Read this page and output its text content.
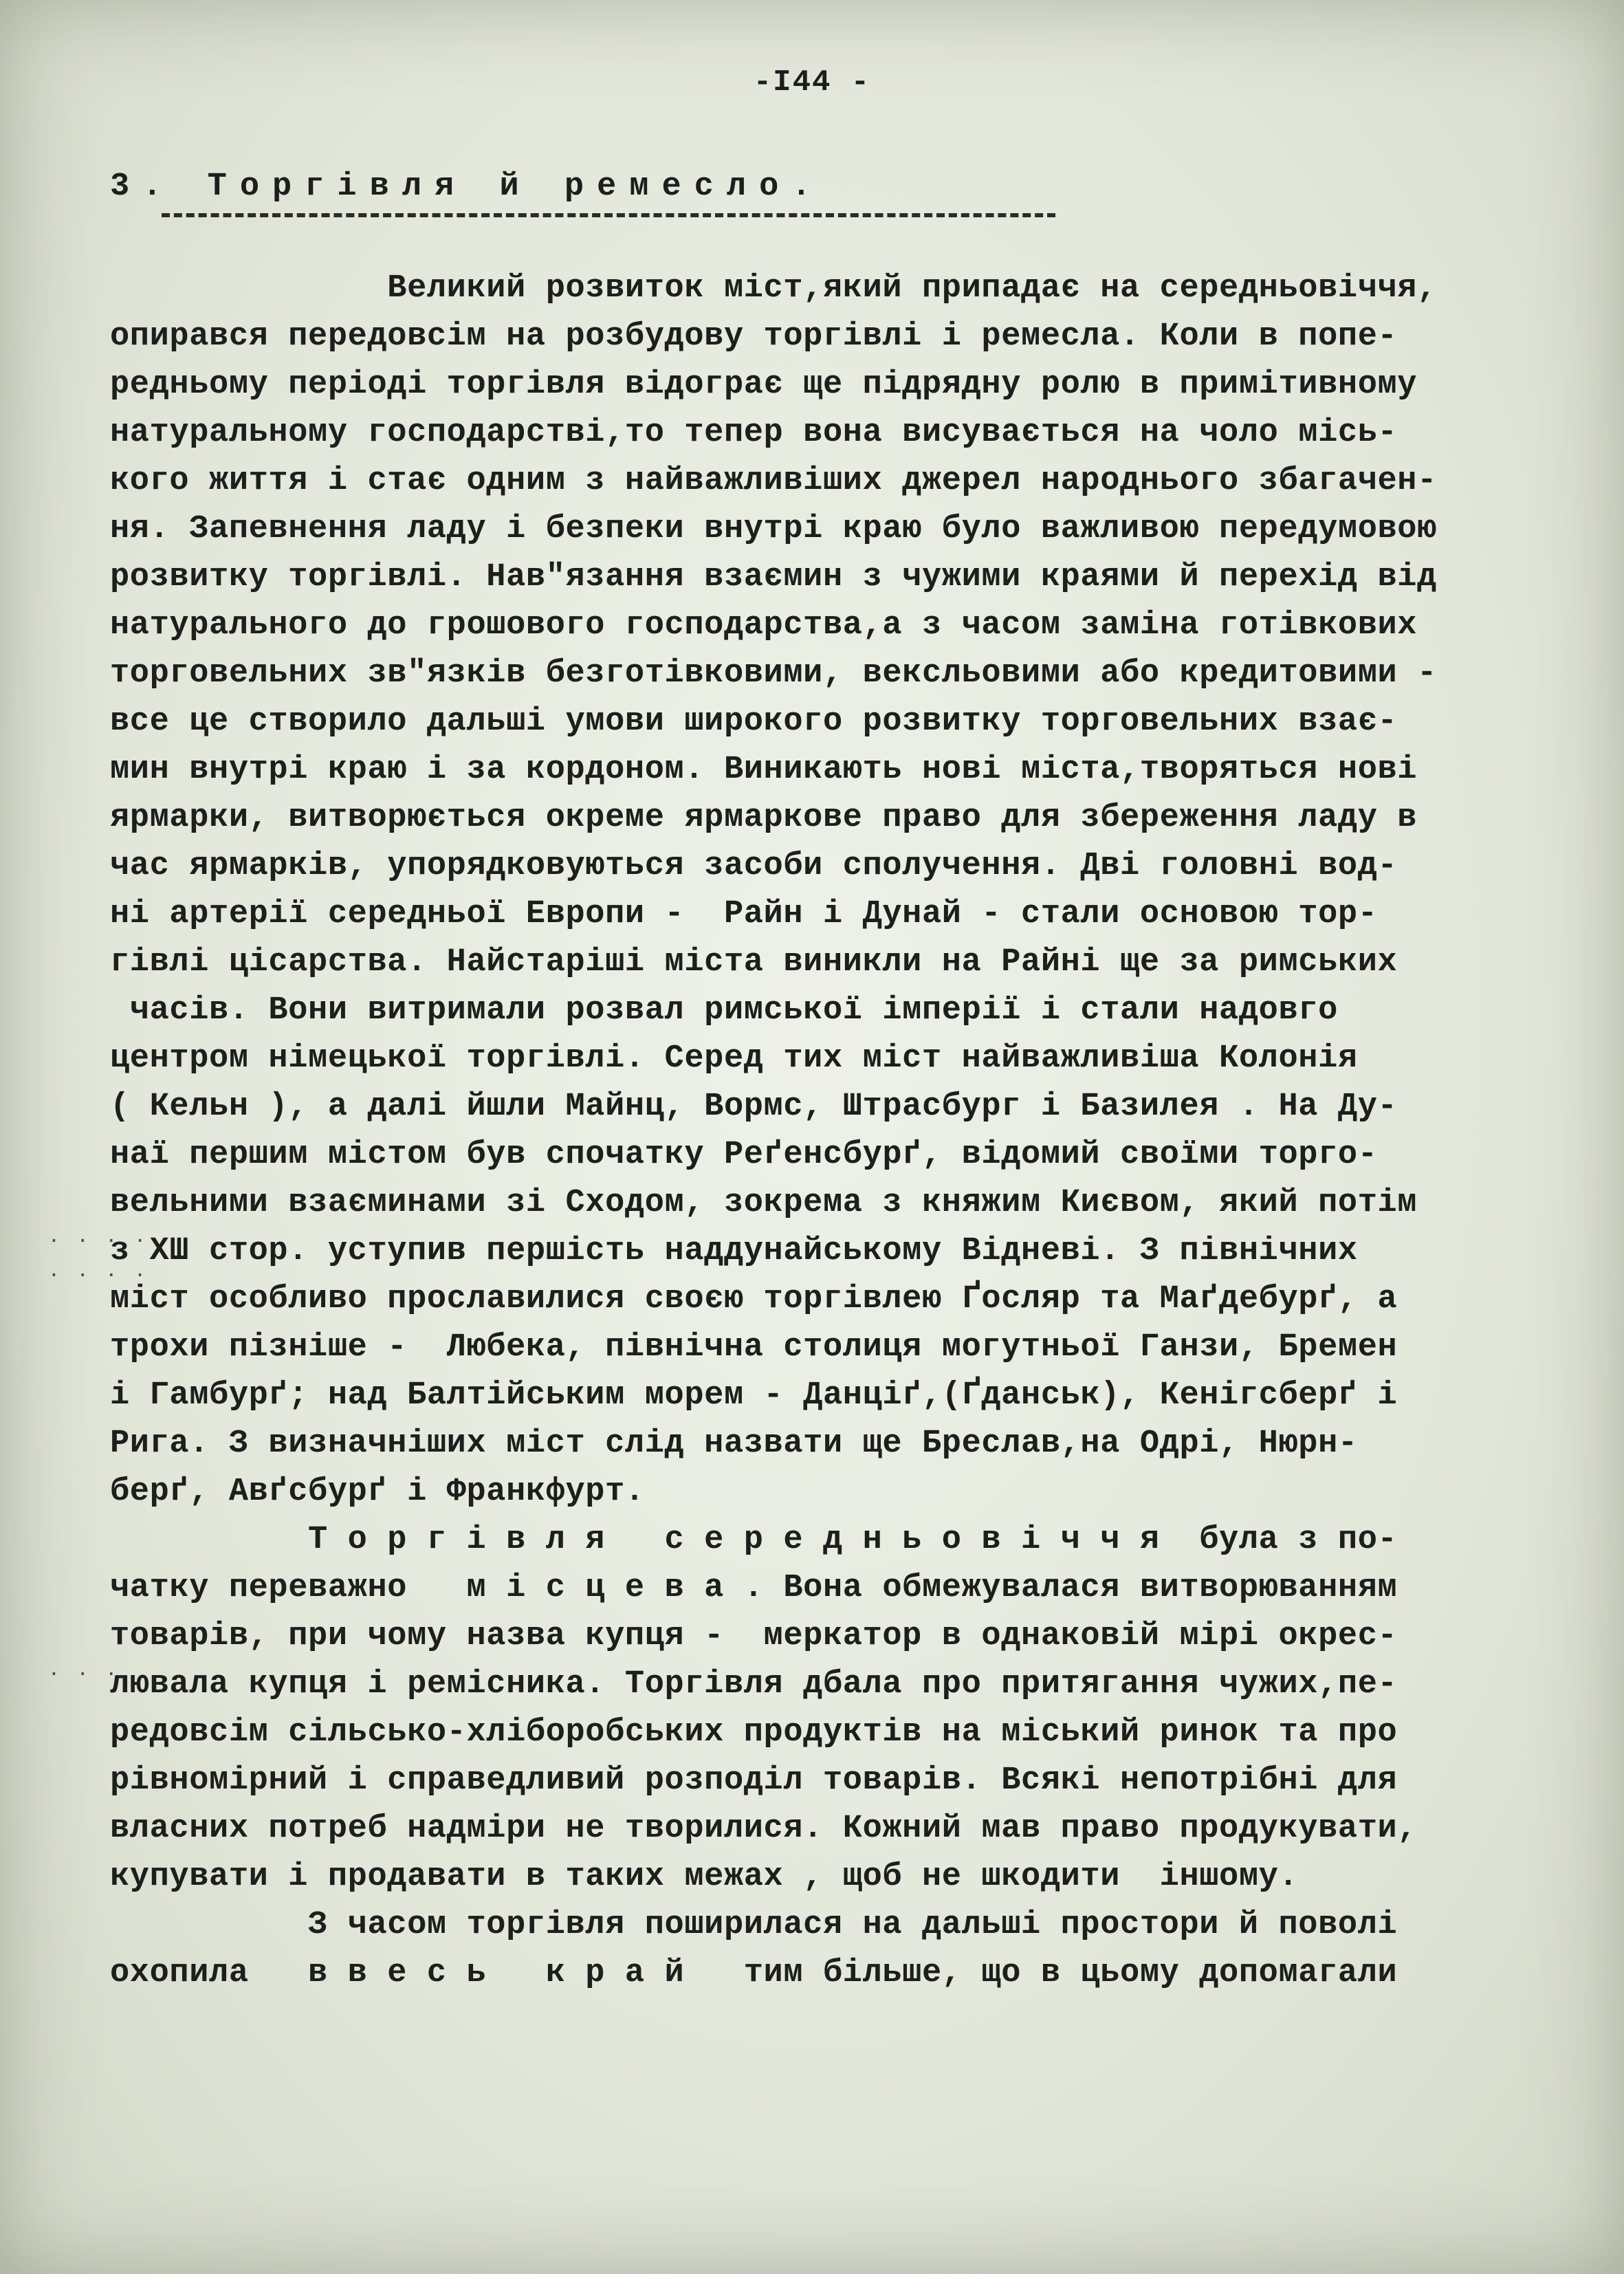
-I44 -
3. Торгівля й ремесло.
. . . .
. . . .
. . .
Великий розвиток міст,який припадає на середньовіччя,
опирався передовсім на розбудову торгівлі і ремесла. Коли в попе-
редньому періоді торгівля відограє ще підрядну ролю в примітивному
натуральному господарстві,то тепер вона висувається на чоло місь-
кого життя і стає одним з найважливіших джерел народнього збагачен-
ня. Запевнення ладу і безпеки внутрі краю було важливою передумовою
розвитку торгівлі. Нав"язання взаємин з чужими краями й перехід від
натурального до грошового господарства,а з часом заміна готівкових
торговельних зв"язків безготівковими, вексльовими або кредитовими -
все це створило дальші умови широкого розвитку торговельних взає-
мин внутрі краю і за кордоном. Виникають нові міста,творяться нові
ярмарки, витворюється окреме ярмаркове право для збереження ладу в
час ярмарків, упорядковуються засоби сполучення. Дві головні вод-
ні артерії середньої Европи -  Райн і Дунай - стали основою тор-
гівлі цісарства. Найстаріші міста виникли на Райні ще за римських
часів. Вони витримали розвал римської імперії і стали надовго
центром німецької торгівлі. Серед тих міст найважливіша Колонія
( Кельн ), а далі йшли Майнц, Вормс, Штрасбург і Базилея . На Ду-
наї першим містом був спочатку Реґенсбурґ, відомий своїми торго-
вельними взаєминами зі Сходом, зокрема з княжим Києвом, який потім
з ХШ стор. уступив першість наддунайському Відневі. З північних
міст особливо прославилися своєю торгівлею Ґосляр та Маґдебурґ, а
трохи пізніше -  Любека, північна столиця могутньої Ганзи, Бремен
і Гамбурґ; над Балтійським морем - Данціґ,(Ґданськ), Кенігсберґ і
Рига. З визначніших міст слід назвати ще Бреслав,на Одрі, Нюрн-
берґ, Авґсбурґ і Франкфурт.
Т о р г і в л я   с е р е д н ь о в і ч ч я  була з по-
чатку переважно   м і с ц е в а . Вона обмежувалася витворюванням
товарів, при чому назва купця -  меркатор в однаковій мірі окрес-
лювала купця і ремісника. Торгівля дбала про притягання чужих,пе-
редовсім сільсько-хліборобських продуктів на міський ринок та про
рівномірний і справедливий розподіл товарів. Всякі непотрібні для
власних потреб надміри не творилися. Кожний мав право продукувати,
купувати і продавати в таких межах , щоб не шкодити  іншому.
З часом торгівля поширилася на дальші простори й поволі
охопила   в в е с ь   к р а й   тим більше, що в цьому допомагали
